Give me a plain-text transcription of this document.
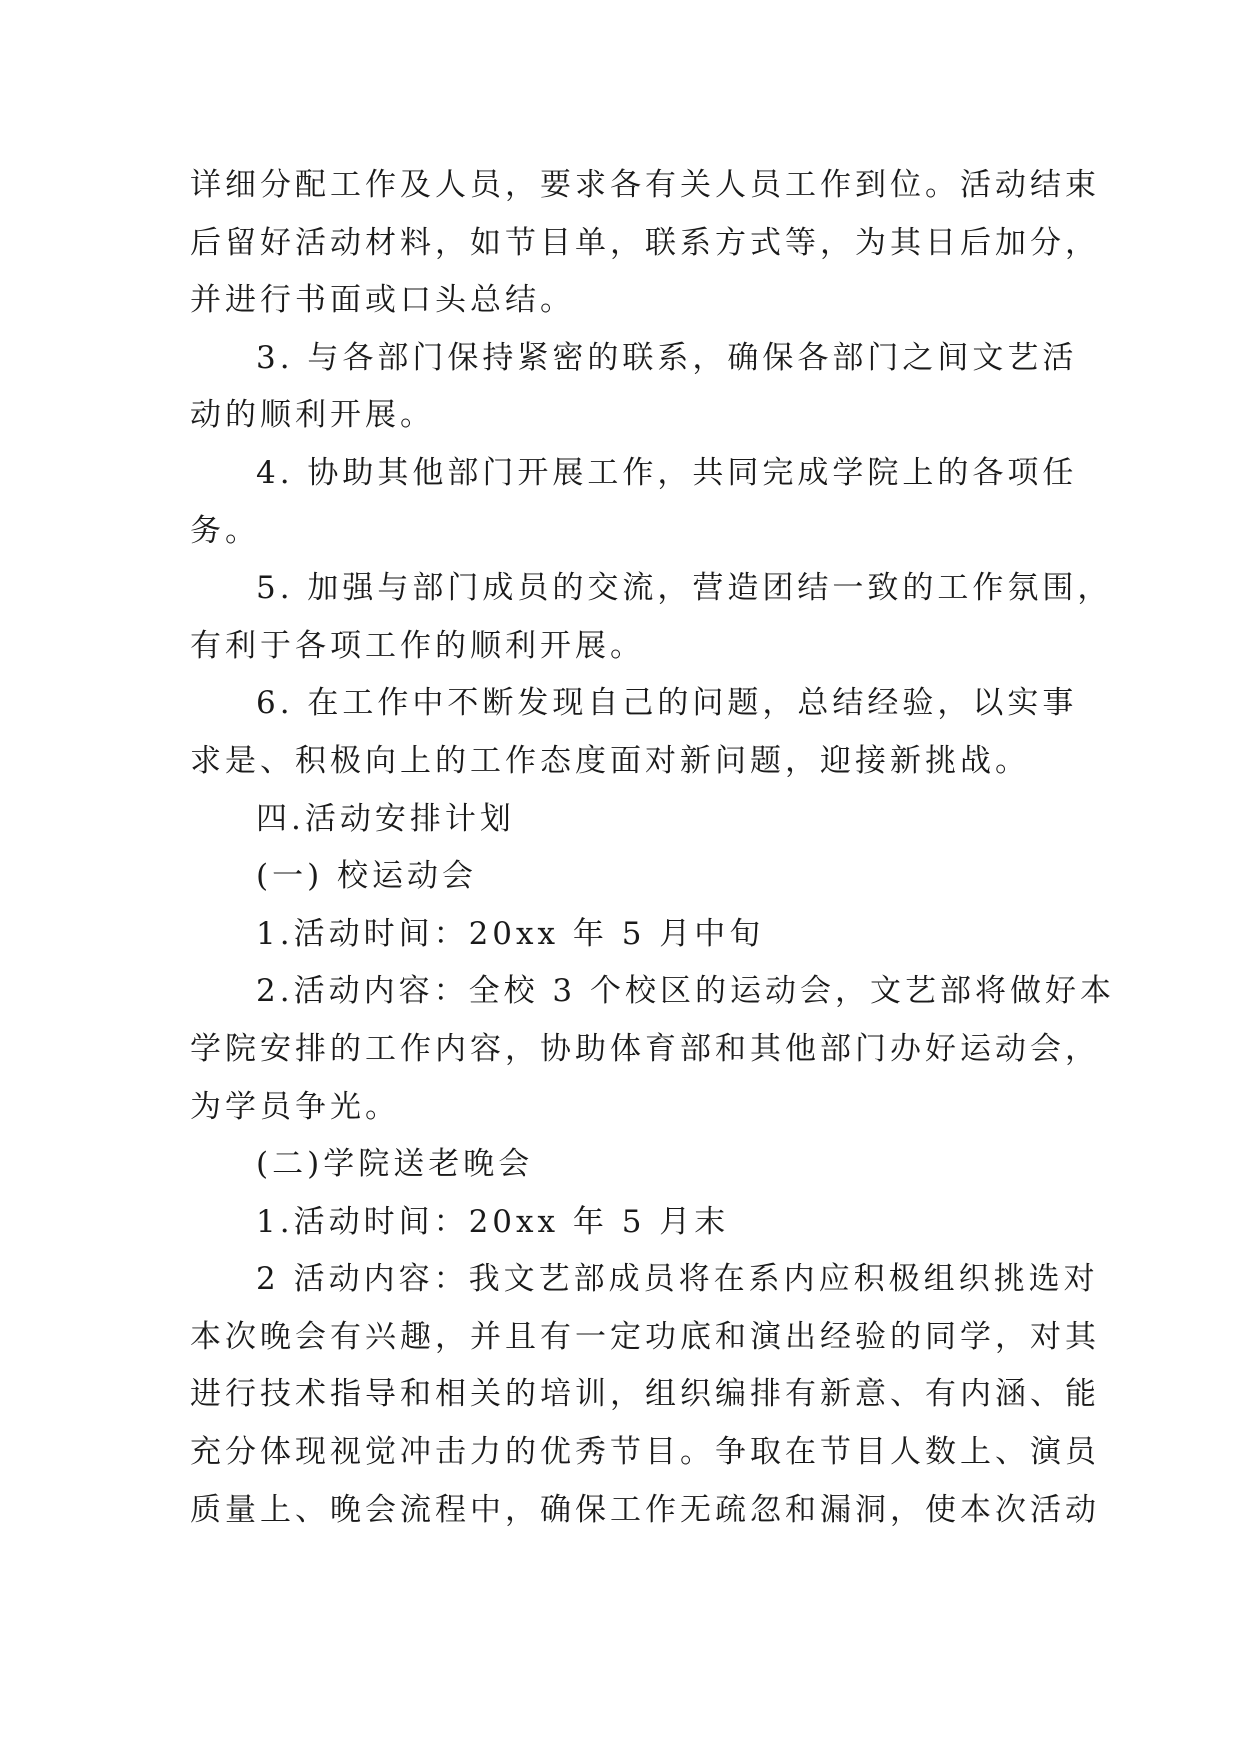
详细分配工作及人员，要求各有关人员工作到位。活动结束
后留好活动材料，如节目单，联系方式等，为其日后加分，
并进行书面或口头总结。
3. 与各部门保持紧密的联系，确保各部门之间文艺活
动的顺利开展。
4. 协助其他部门开展工作，共同完成学院上的各项任
务。
5. 加强与部门成员的交流，营造团结一致的工作氛围，
有利于各项工作的顺利开展。
6. 在工作中不断发现自己的问题，总结经验，以实事
求是、积极向上的工作态度面对新问题，迎接新挑战。
四.活动安排计划
(一) 校运动会
1.活动时间：20xx 年 5 月中旬
2.活动内容：全校 3 个校区的运动会，文艺部将做好本
学院安排的工作内容，协助体育部和其他部门办好运动会，
为学员争光。
(二)学院送老晚会
1.活动时间：20xx 年 5 月末
2 活动内容：我文艺部成员将在系内应积极组织挑选对
本次晚会有兴趣，并且有一定功底和演出经验的同学，对其
进行技术指导和相关的培训，组织编排有新意、有内涵、能
充分体现视觉冲击力的优秀节目。争取在节目人数上、演员
质量上、晚会流程中，确保工作无疏忽和漏洞，使本次活动
